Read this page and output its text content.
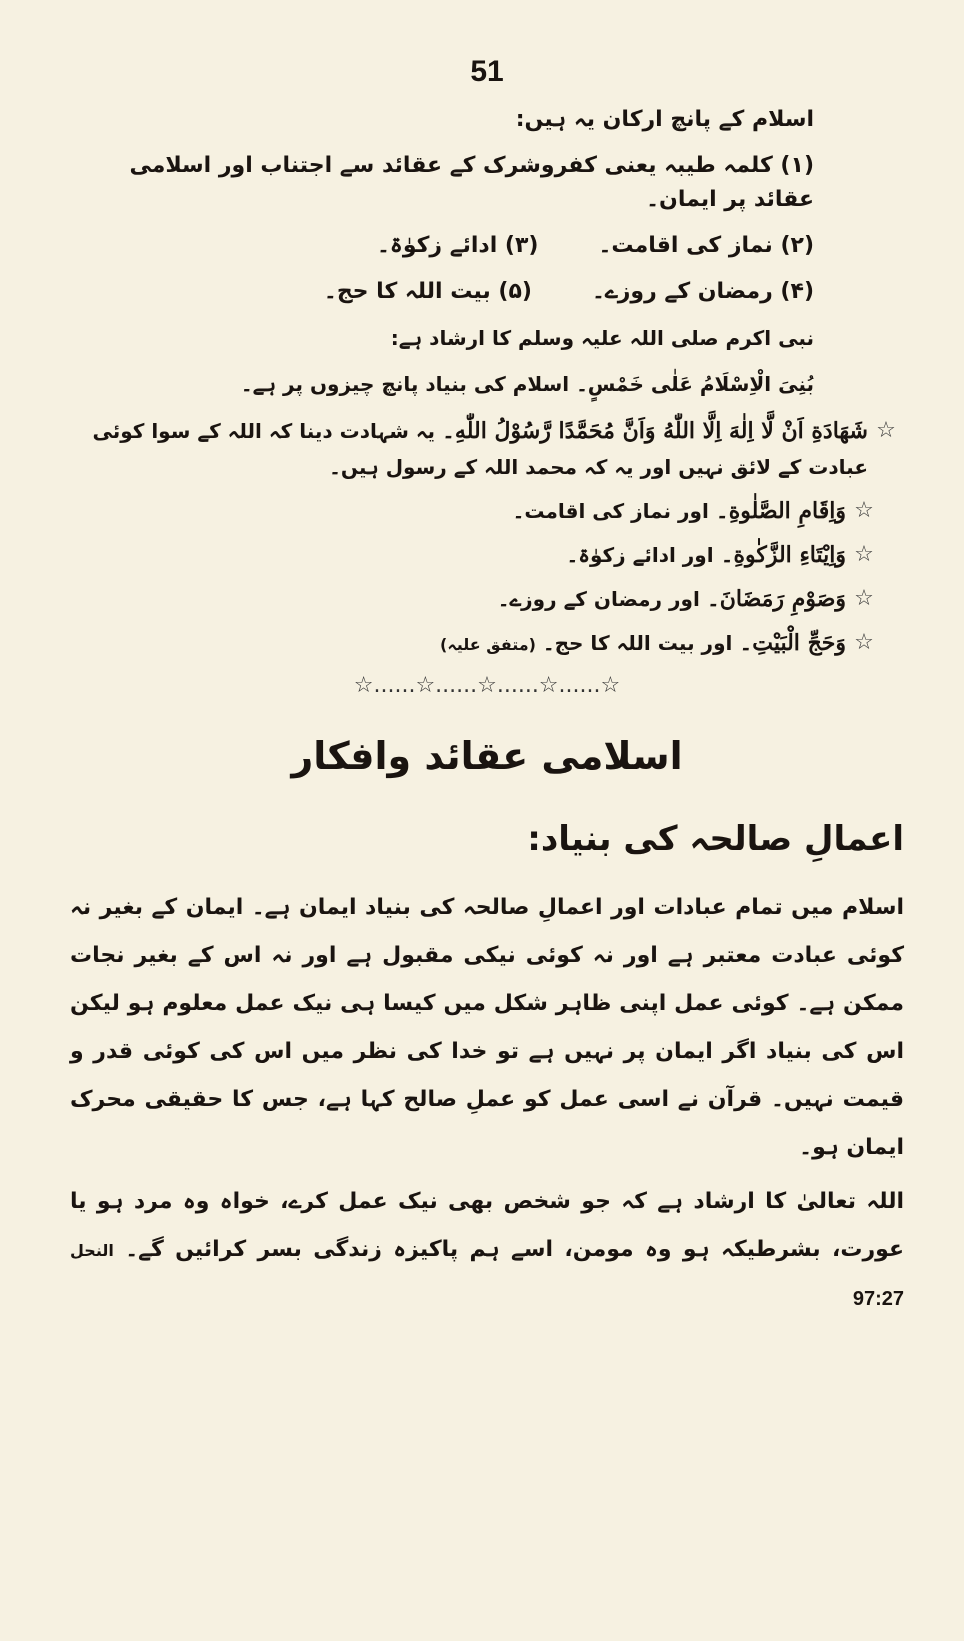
51
اسلام کے پانچ ارکان یہ ہیں:
(۱) کلمہ طیبہ یعنی کفروشرک کے عقائد سے اجتناب اور اسلامی عقائد پر ایمان۔
(۲) نماز کی اقامت۔
(۳) ادائے زکوٰۃ۔
(۴) رمضان کے روزے۔
(۵) بیت اللہ کا حج۔
نبی اکرم صلی اللہ علیہ وسلم کا ارشاد ہے:
بُنِیَ الْاِسْلَامُ عَلٰی خَمْسٍ۔ اسلام کی بنیاد پانچ چیزوں پر ہے۔
☆
شَهَادَةِ اَنْ لَّا اِلٰهَ اِلَّا اللّٰهُ وَاَنَّ مُحَمَّدًا رَّسُوْلُ اللّٰهِ۔ یہ شہادت دینا کہ اللہ کے سوا کوئی عبادت کے لائق نہیں اور یہ کہ محمد اللہ کے رسول ہیں۔
☆
وَاِقَامِ الصَّلٰوةِ۔ اور نماز کی اقامت۔
☆
وَاِيْتَاءِ الزَّكٰوةِ۔ اور ادائے زکوٰۃ۔
☆
وَصَوْمِ رَمَضَانَ۔ اور رمضان کے روزے۔
☆
وَحَجِّ الْبَيْتِ۔ اور بیت اللہ کا حج۔ (متفق علیہ)
☆......☆......☆......☆......☆
اسلامی عقائد وافکار
اعمالِ صالحہ کی بنیاد:
اسلام میں تمام عبادات اور اعمالِ صالحہ کی بنیاد ایمان ہے۔ ایمان کے بغیر نہ کوئی عبادت معتبر ہے اور نہ کوئی نیکی مقبول ہے اور نہ اس کے بغیر نجات ممکن ہے۔ کوئی عمل اپنی ظاہر شکل میں کیسا ہی نیک عمل معلوم ہو لیکن اس کی بنیاد اگر ایمان پر نہیں ہے تو خدا کی نظر میں اس کی کوئی قدر و قیمت نہیں۔ قرآن نے اسی عمل کو عملِ صالح کہا ہے، جس کا حقیقی محرک ایمان ہو۔
اللہ تعالیٰ کا ارشاد ہے کہ جو شخص بھی نیک عمل کرے، خواہ وہ مرد ہو یا عورت، بشرطیکہ ہو وہ مومن، اسے ہم پاکیزہ زندگی بسر کرائیں گے۔ النحل 97:27
